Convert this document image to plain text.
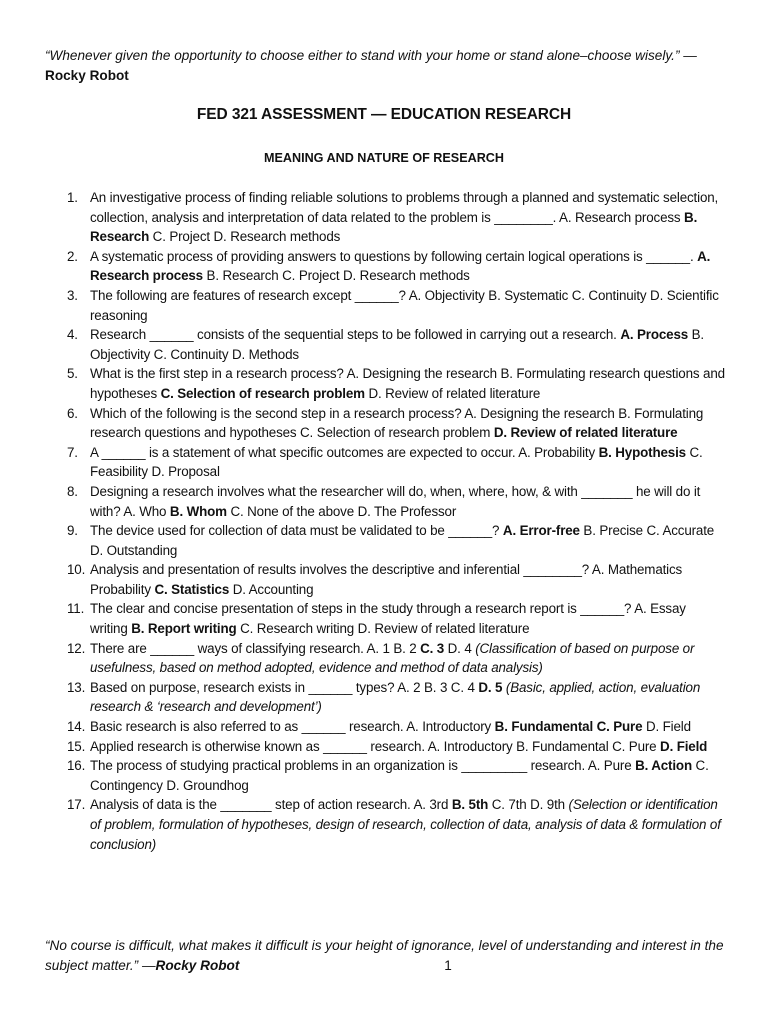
“Whenever given the opportunity to choose either to stand with your home or stand alone–choose wisely.” —
Rocky Robot
FED 321 ASSESSMENT — EDUCATION RESEARCH
MEANING AND NATURE OF RESEARCH
1. An investigative process of finding reliable solutions to problems through a planned and systematic selection, collection, analysis and interpretation of data related to the problem is ________. A. Research process B. Research C. Project D. Research methods
2. A systematic process of providing answers to questions by following certain logical operations is ______. A. Research process B. Research C. Project D. Research methods
3. The following are features of research except ______? A. Objectivity B. Systematic C. Continuity D. Scientific reasoning
4. Research ______ consists of the sequential steps to be followed in carrying out a research. A. Process B. Objectivity C. Continuity D. Methods
5. What is the first step in a research process? A. Designing the research B. Formulating research questions and hypotheses C. Selection of research problem D. Review of related literature
6. Which of the following is the second step in a research process? A. Designing the research B. Formulating research questions and hypotheses C. Selection of research problem D. Review of related literature
7. A ______ is a statement of what specific outcomes are expected to occur. A. Probability B. Hypothesis C. Feasibility D. Proposal
8. Designing a research involves what the researcher will do, when, where, how, & with _______ he will do it with? A. Who B. Whom C. None of the above D. The Professor
9. The device used for collection of data must be validated to be ______? A. Error-free B. Precise C. Accurate D. Outstanding
10. Analysis and presentation of results involves the descriptive and inferential ________? A. Mathematics Probability C. Statistics D. Accounting
11. The clear and concise presentation of steps in the study through a research report is ______? A. Essay writing B. Report writing C. Research writing D. Review of related literature
12. There are ______ ways of classifying research. A. 1 B. 2 C. 3 D. 4 (Classification of based on purpose or usefulness, based on method adopted, evidence and method of data analysis)
13. Based on purpose, research exists in ______ types? A. 2 B. 3 C. 4 D. 5 (Basic, applied, action, evaluation research & ‘research and development’)
14. Basic research is also referred to as ______ research. A. Introductory B. Fundamental C. Pure D. Field
15. Applied research is otherwise known as ______ research. A. Introductory B. Fundamental C. Pure D. Field
16. The process of studying practical problems in an organization is _________ research. A. Pure B. Action C. Contingency D. Groundhog
17. Analysis of data is the _______ step of action research. A. 3rd B. 5th C. 7th D. 9th (Selection or identification of problem, formulation of hypotheses, design of research, collection of data, analysis of data & formulation of conclusion)
“No course is difficult, what makes it difficult is your height of ignorance, level of understanding and interest in the subject matter.” —Rocky Robot	1
